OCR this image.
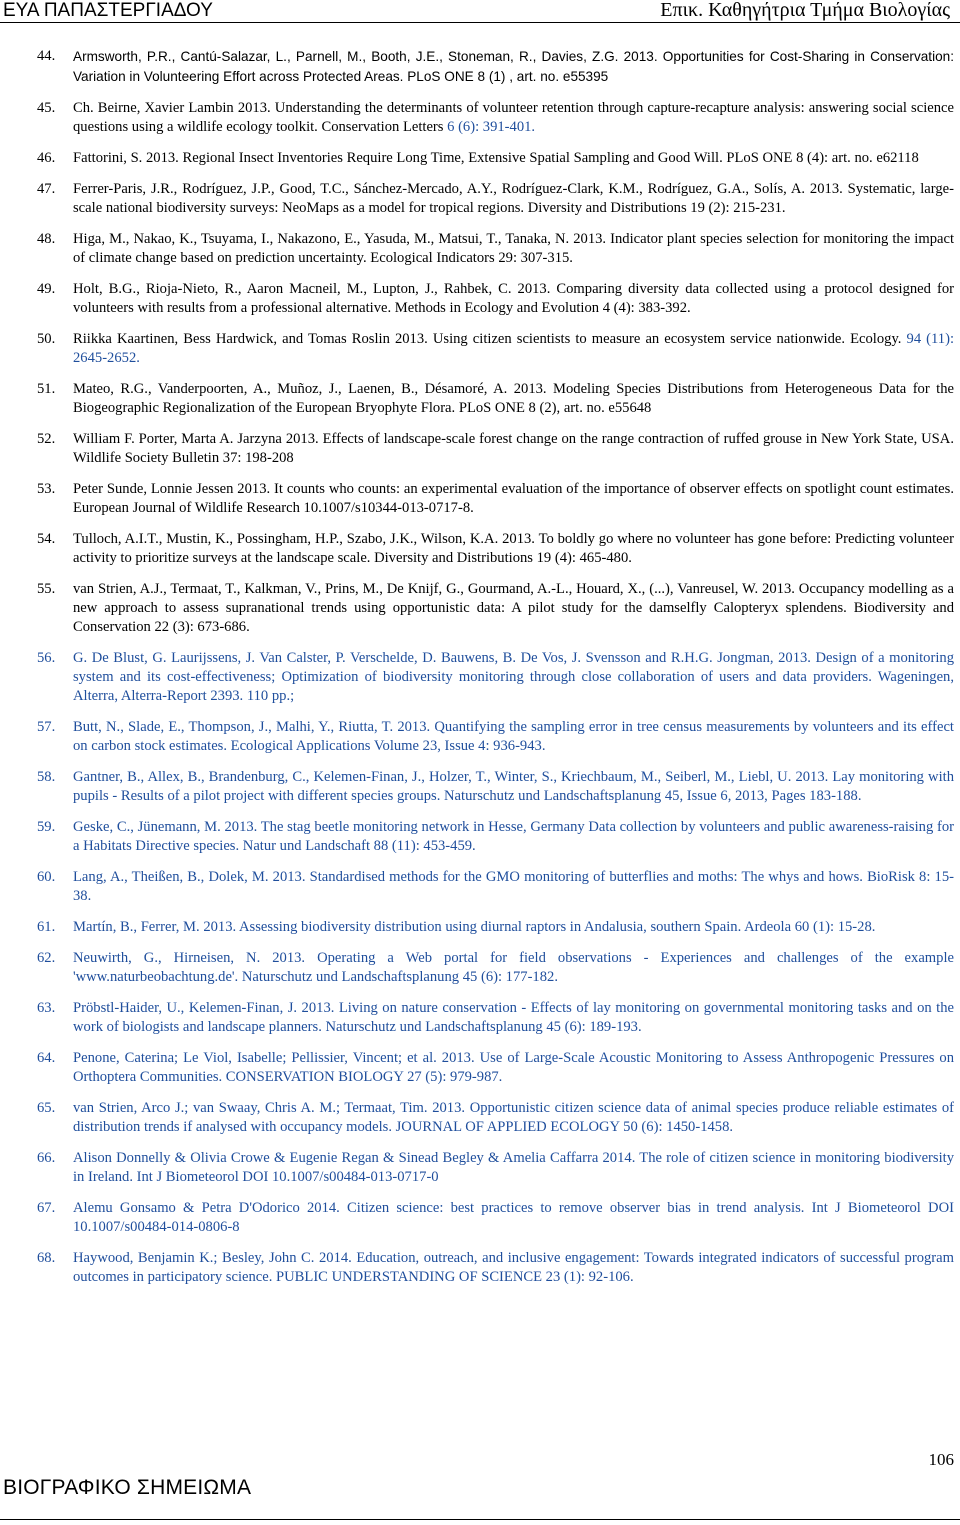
ΕΥΑ ΠΑΠΑΣΤΕΡΓΙΑΔΟΥ	Επικ. Καθηγήτρια Τμήμα Βιολογίας
44. Armsworth, P.R., Cantú-Salazar, L., Parnell, M., Booth, J.E., Stoneman, R., Davies, Z.G. 2013. Opportunities for Cost-Sharing in Conservation: Variation in Volunteering Effort across Protected Areas. PLoS ONE 8 (1) , art. no. e55395
45. Ch. Beirne, Xavier Lambin 2013. Understanding the determinants of volunteer retention through capture-recapture analysis: answering social science questions using a wildlife ecology toolkit. Conservation Letters 6 (6): 391-401.
46. Fattorini, S. 2013. Regional Insect Inventories Require Long Time, Extensive Spatial Sampling and Good Will. PLoS ONE 8 (4): art. no. e62118
47. Ferrer-Paris, J.R., Rodríguez, J.P., Good, T.C., Sánchez-Mercado, A.Y., Rodríguez-Clark, K.M., Rodríguez, G.A., Solís, A. 2013. Systematic, large-scale national biodiversity surveys: NeoMaps as a model for tropical regions. Diversity and Distributions 19 (2): 215-231.
48. Higa, M., Nakao, K., Tsuyama, I., Nakazono, E., Yasuda, M., Matsui, T., Tanaka, N. 2013. Indicator plant species selection for monitoring the impact of climate change based on prediction uncertainty. Ecological Indicators 29: 307-315.
49. Holt, B.G., Rioja-Nieto, R., Aaron Macneil, M., Lupton, J., Rahbek, C. 2013. Comparing diversity data collected using a protocol designed for volunteers with results from a professional alternative. Methods in Ecology and Evolution 4 (4): 383-392.
50. Riikka Kaartinen, Bess Hardwick, and Tomas Roslin 2013. Using citizen scientists to measure an ecosystem service nationwide. Ecology. 94 (11): 2645-2652.
51. Mateo, R.G., Vanderpoorten, A., Muñoz, J., Laenen, B., Désamoré, A. 2013. Modeling Species Distributions from Heterogeneous Data for the Biogeographic Regionalization of the European Bryophyte Flora. PLoS ONE 8 (2), art. no. e55648
52. William F. Porter, Marta A. Jarzyna 2013. Effects of landscape-scale forest change on the range contraction of ruffed grouse in New York State, USA. Wildlife Society Bulletin 37: 198-208
53. Peter Sunde, Lonnie Jessen 2013. It counts who counts: an experimental evaluation of the importance of observer effects on spotlight count estimates. European Journal of Wildlife Research 10.1007/s10344-013-0717-8.
54. Tulloch, A.I.T., Mustin, K., Possingham, H.P., Szabo, J.K., Wilson, K.A. 2013. To boldly go where no volunteer has gone before: Predicting volunteer activity to prioritize surveys at the landscape scale. Diversity and Distributions 19 (4): 465-480.
55. van Strien, A.J., Termaat, T., Kalkman, V., Prins, M., De Knijf, G., Gourmand, A.-L., Houard, X., (...), Vanreusel, W. 2013. Occupancy modelling as a new approach to assess supranational trends using opportunistic data: A pilot study for the damselfly Calopteryx splendens. Biodiversity and Conservation 22 (3): 673-686.
56. G. De Blust, G. Laurijssens, J. Van Calster, P. Verschelde, D. Bauwens, B. De Vos, J. Svensson and R.H.G. Jongman, 2013. Design of a monitoring system and its cost-effectiveness; Optimization of biodiversity monitoring through close collaboration of users and data providers. Wageningen, Alterra, Alterra-Report 2393. 110 pp.;
57. Butt, N., Slade, E., Thompson, J., Malhi, Y., Riutta, T. 2013. Quantifying the sampling error in tree census measurements by volunteers and its effect on carbon stock estimates. Ecological Applications Volume 23, Issue 4: 936-943.
58. Gantner, B., Allex, B., Brandenburg, C., Kelemen-Finan, J., Holzer, T., Winter, S., Kriechbaum, M., Seiberl, M., Liebl, U. 2013. Lay monitoring with pupils - Results of a pilot project with different species groups. Naturschutz und Landschaftsplanung 45, Issue 6, 2013, Pages 183-188.
59. Geske, C., Jünemann, M. 2013. The stag beetle monitoring network in Hesse, Germany Data collection by volunteers and public awareness-raising for a Habitats Directive species. Natur und Landschaft 88 (11): 453-459.
60. Lang, A., Theißen, B., Dolek, M. 2013. Standardised methods for the GMO monitoring of butterflies and moths: The whys and hows. BioRisk 8: 15-38.
61. Martín, B., Ferrer, M. 2013. Assessing biodiversity distribution using diurnal raptors in Andalusia, southern Spain. Ardeola 60 (1): 15-28.
62. Neuwirth, G., Hirneisen, N. 2013. Operating a Web portal for field observations - Experiences and challenges of the example 'www.naturbeobachtung.de'. Naturschutz und Landschaftsplanung 45 (6): 177-182.
63. Pröbstl-Haider, U., Kelemen-Finan, J. 2013. Living on nature conservation - Effects of lay monitoring on governmental monitoring tasks and on the work of biologists and landscape planners. Naturschutz und Landschaftsplanung 45 (6): 189-193.
64. Penone, Caterina; Le Viol, Isabelle; Pellissier, Vincent; et al. 2013. Use of Large-Scale Acoustic Monitoring to Assess Anthropogenic Pressures on Orthoptera Communities. CONSERVATION BIOLOGY 27 (5): 979-987.
65. van Strien, Arco J.; van Swaay, Chris A. M.; Termaat, Tim. 2013. Opportunistic citizen science data of animal species produce reliable estimates of distribution trends if analysed with occupancy models. JOURNAL OF APPLIED ECOLOGY 50 (6): 1450-1458.
66. Alison Donnelly & Olivia Crowe & Eugenie Regan & Sinead Begley & Amelia Caffarra 2014. The role of citizen science in monitoring biodiversity in Ireland. Int J Biometeorol DOI 10.1007/s00484-013-0717-0
67. Alemu Gonsamo & Petra D'Odorico 2014. Citizen science: best practices to remove observer bias in trend analysis. Int J Biometeorol DOI 10.1007/s00484-014-0806-8
68. Haywood, Benjamin K.; Besley, John C. 2014. Education, outreach, and inclusive engagement: Towards integrated indicators of successful program outcomes in participatory science. PUBLIC UNDERSTANDING OF SCIENCE 23 (1): 92-106.
106
ΒΙΟΓΡΑΦΙΚΟ ΣΗΜΕΙΩΜΑ
